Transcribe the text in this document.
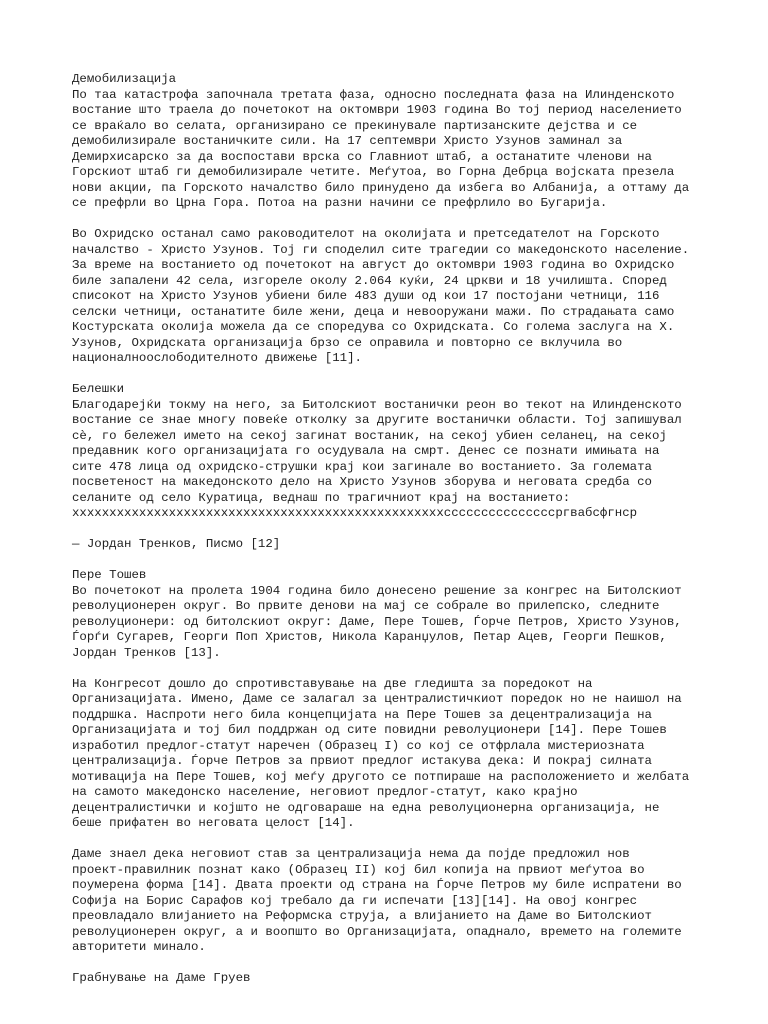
Демобилизација
По таа катастрофа започнала третата фаза, односно последната фаза на Илинденското
востание што траела до почетокот на октомври 1903 година Во тој период населението
се враќало во селата, организирано се прекинувале партизанските дејства и се
демобилизирале востаничките сили. На 17 септември Христо Узунов заминал за
Демирхисарско за да воспостави врска со Главниот штаб, а останатите членови на
Горскиот штаб ги демобилизирале четите. Меѓутоа, во Горна Дебрца војската презела
нови акции, па Горското началство било принудено да избега во Албанија, а оттаму да
се префрли во Црна Гора. Потоа на разни начини се префрлило во Бугарија.
Во Охридско останал само раководителот на околијата и претседателот на Горското
началство - Христо Узунов. Тој ги споделил сите трагедии со македонското население.
За време на востанието од почетокот на август до октомври 1903 година во Охридско
биле запалени 42 села, изгореле околу 2.064 куќи, 24 цркви и 18 училишта. Според
списокот на Христо Узунов убиени биле 483 души од кои 17 постојани четници, 116
селски четници, останатите биле жени, деца и невооружани мажи. По страдањата само
Костурската околија можела да се споредува со Охридската. Со голема заслуга на Х.
Узунов, Охридската организација брзо се оправила и повторно се вклучила во
националноослободителното движење [11].
Белешки
Благодарејќи токму на него, за Битолскиот востанички реон во текот на Илинденското
востание се знае многу повеќе отколку за другите востанички области. Тој запишувал
сè, го бележел името на секој загинат востаник, на секој убиен селанец, на секој
предавник кого организацијата го осудувала на смрт. Денес се познати имињата на
сите 478 лица од охридско-струшки крај кои загинале во востанието. За големата
посветеност на македонското дело на Христо Узунов зборува и неговата средба со
селаните од село Куратица, веднаш по трагичниот крај на востанието:
xxxxxxxxxxxxxxxxxxxxxxxxxxxxxxxxxxxxxxxxxxxxxxxxxxccccccccccccccсргвабсфгнср
— Јордан Тренков, Писмо [12]
Пере Тошев
Во почетокот на пролета 1904 година било донесено решение за конгрес на Битолскиот
револуционерен округ. Во првите денови на мај се собрале во прилепско, следните
револуционери: од битолскиот округ: Даме, Пере Тошев, Ѓорче Петров, Христо Узунов,
Ѓорѓи Сугарев, Георги Поп Христов, Никола Каранџулов, Петар Ацев, Георги Пешков,
Јордан Тренков [13].
На Конгресот дошло до спротивставување на две гледишта за поредокот на
Организацијата. Имено, Даме се залагал за централистичкиот поредок но не наишол на
поддршка. Наспроти него била концепцијата на Пере Тошев за децентрализација на
Организацијата и тој бил поддржан од сите повидни револуционери [14]. Пере Тошев
изработил предлог-статут наречен (Образец I) со кој се отфрлала мистериозната
централизација. Ѓорче Петров за првиот предлог истакува дека: И покрај силната
мотивација на Пере Тошев, кој меѓу другото се потпираше на расположението и желбата
на самото македонско население, неговиот предлог-статут, како крајно
децентралистички и којшто не одговараше на една револуционерна организација, не
беше прифатен во неговата целост [14].
Даме знаел дека неговиот став за централизација нема да појде предложил нов
проект-правилник познат како (Образец II) кој бил копија на првиот меѓутоа во
поумерена форма [14]. Двата проекти од страна на Ѓорче Петров му биле испратени во
Софија на Борис Сарафов кој требало да ги испечати [13][14]. На овој конгрес
преовладало влијанието на Реформска струја, а влијанието на Даме во Битолскиот
револуционерен округ, а и воопшто во Организацијата, опаднало, времето на големите
авторитети минало.
Грабнување на Даме Груев
